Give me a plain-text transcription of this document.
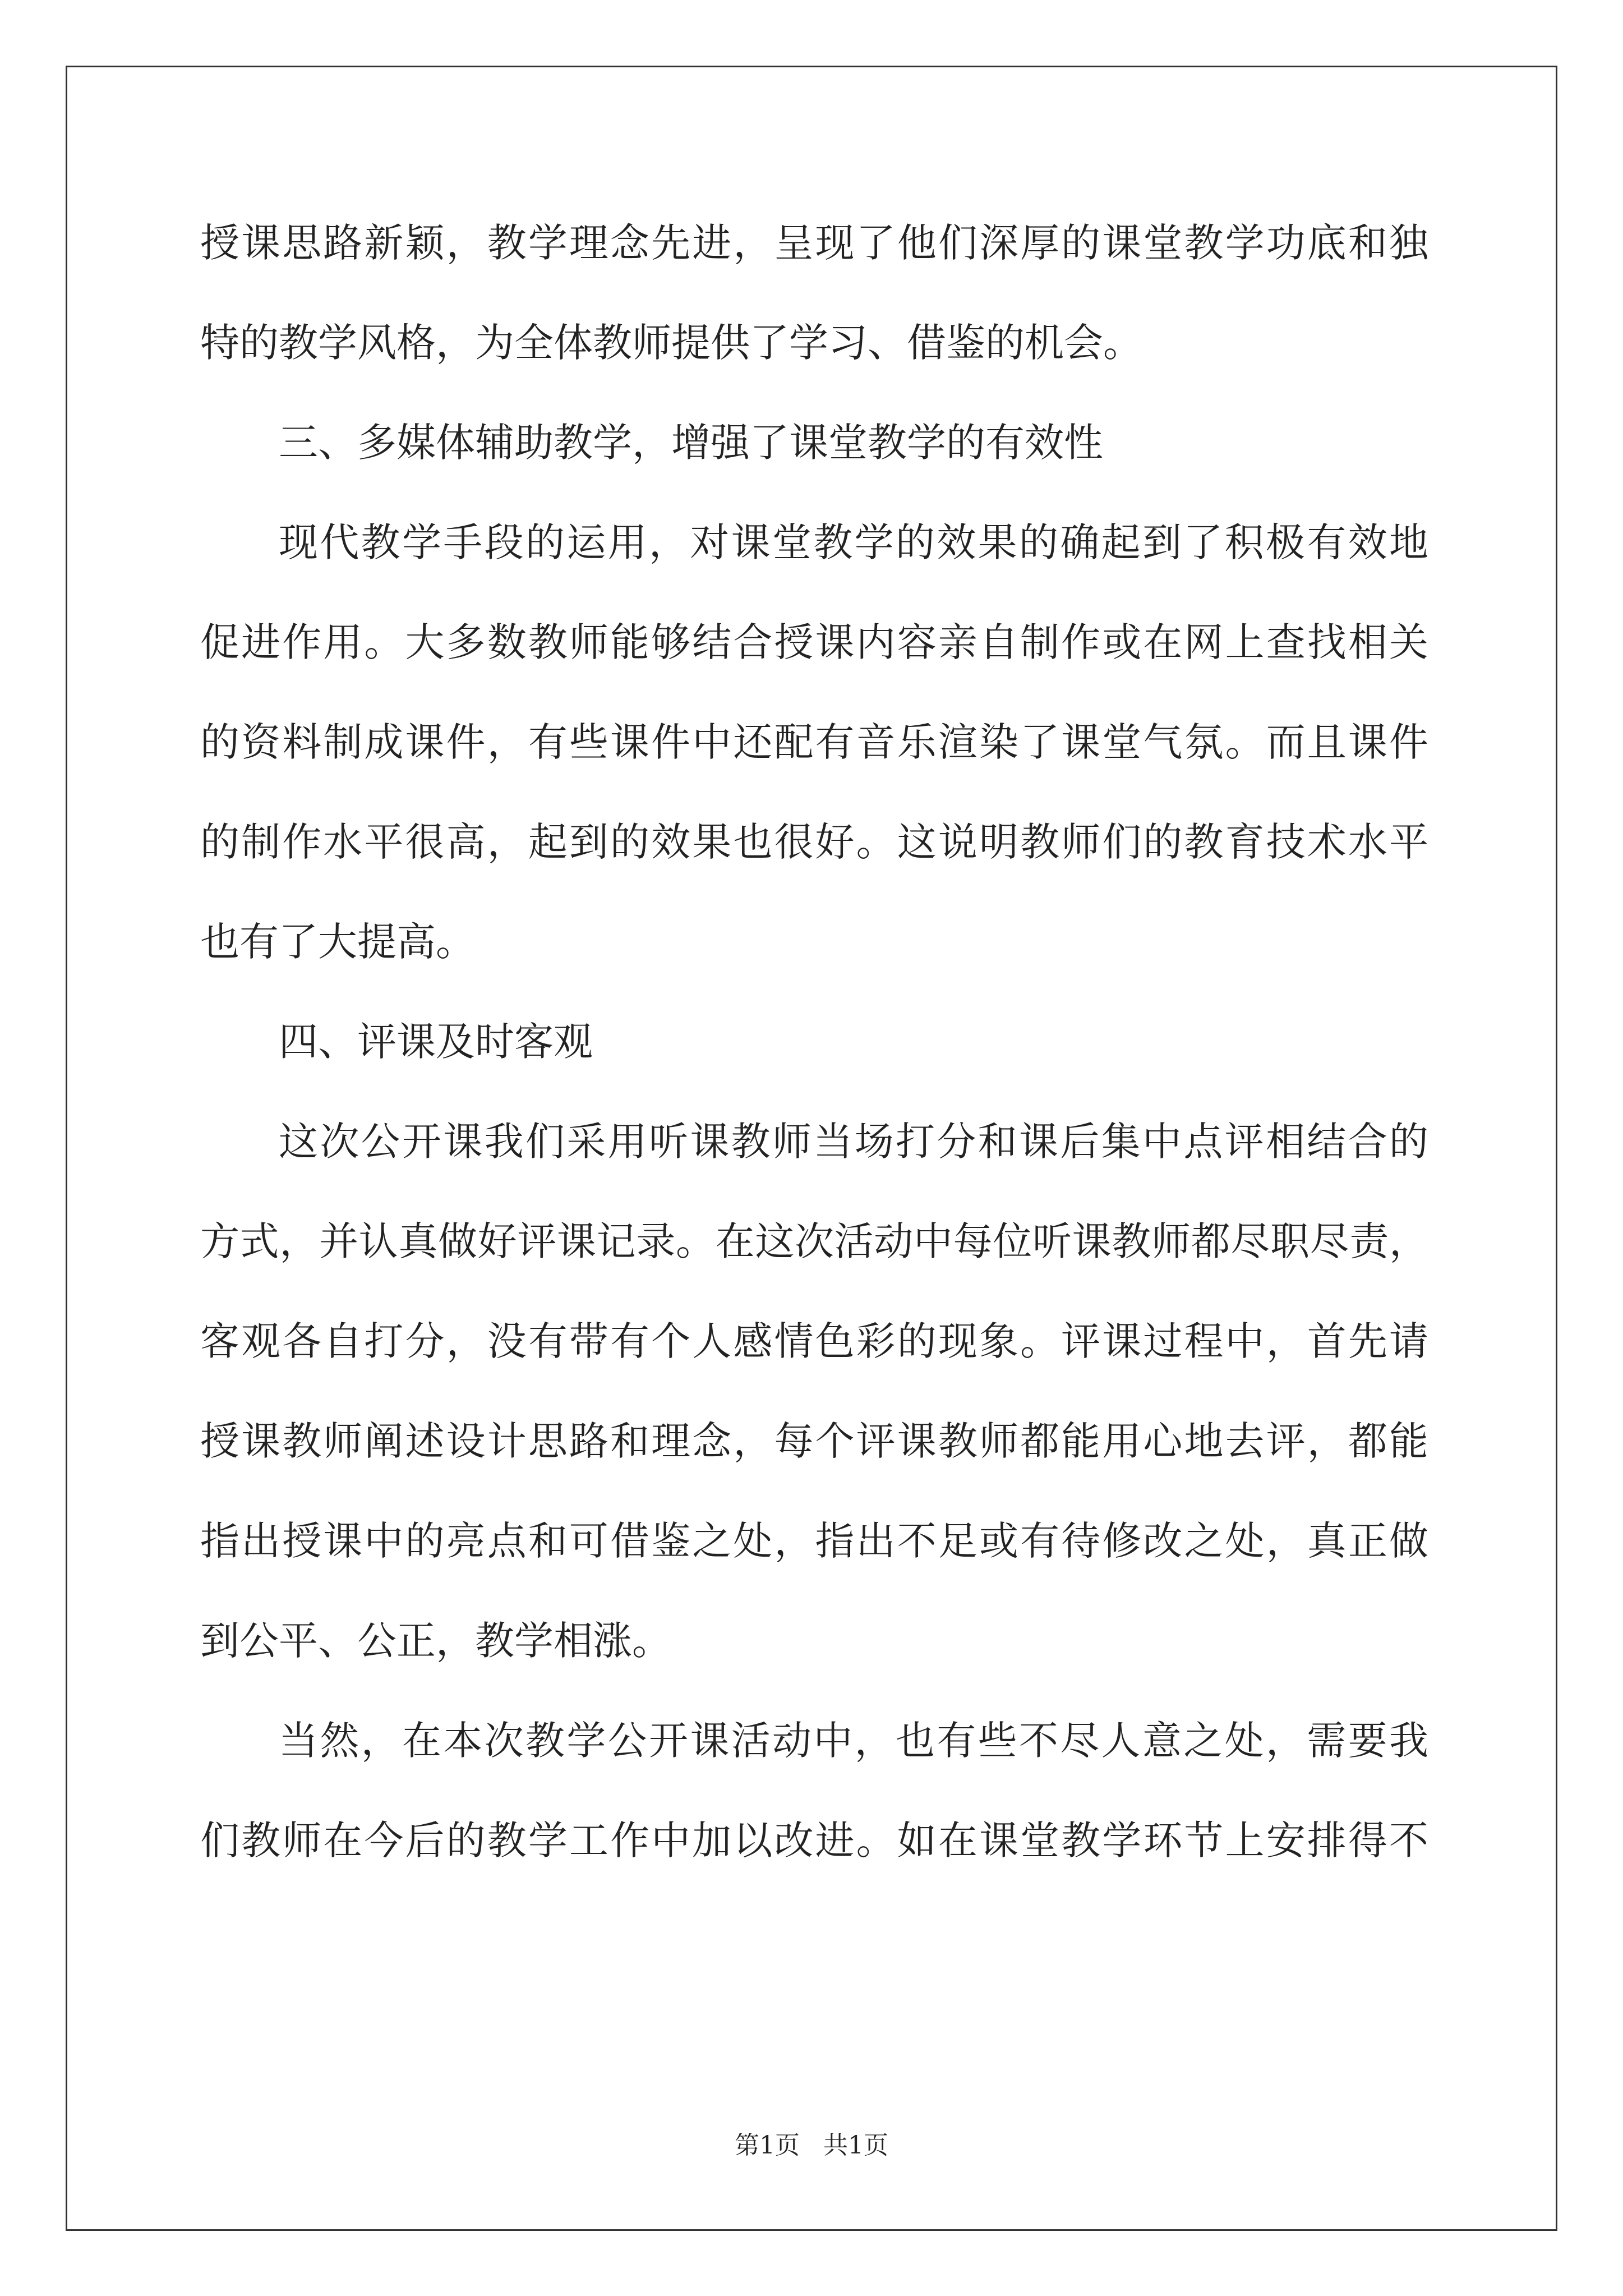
授课思路新颖，教学理念先进，呈现了他们深厚的课堂教学功底和独
特的教学风格，为全体教师提供了学习、借鉴的机会。
三、多媒体辅助教学，增强了课堂教学的有效性
现代教学手段的运用，对课堂教学的效果的确起到了积极有效地
促进作用。大多数教师能够结合授课内容亲自制作或在网上查找相关
的资料制成课件，有些课件中还配有音乐渲染了课堂气氛。而且课件
的制作水平很高，起到的效果也很好。这说明教师们的教育技术水平
也有了大提高。
四、评课及时客观
这次公开课我们采用听课教师当场打分和课后集中点评相结合的
方式，并认真做好评课记录。在这次活动中每位听课教师都尽职尽责，
客观各自打分，没有带有个人感情色彩的现象。评课过程中，首先请
授课教师阐述设计思路和理念，每个评课教师都能用心地去评，都能
指出授课中的亮点和可借鉴之处，指出不足或有待修改之处，真正做
到公平、公正，教学相涨。
当然，在本次教学公开课活动中，也有些不尽人意之处，需要我
们教师在今后的教学工作中加以改进。如在课堂教学环节上安排得不
第1页 共1页
